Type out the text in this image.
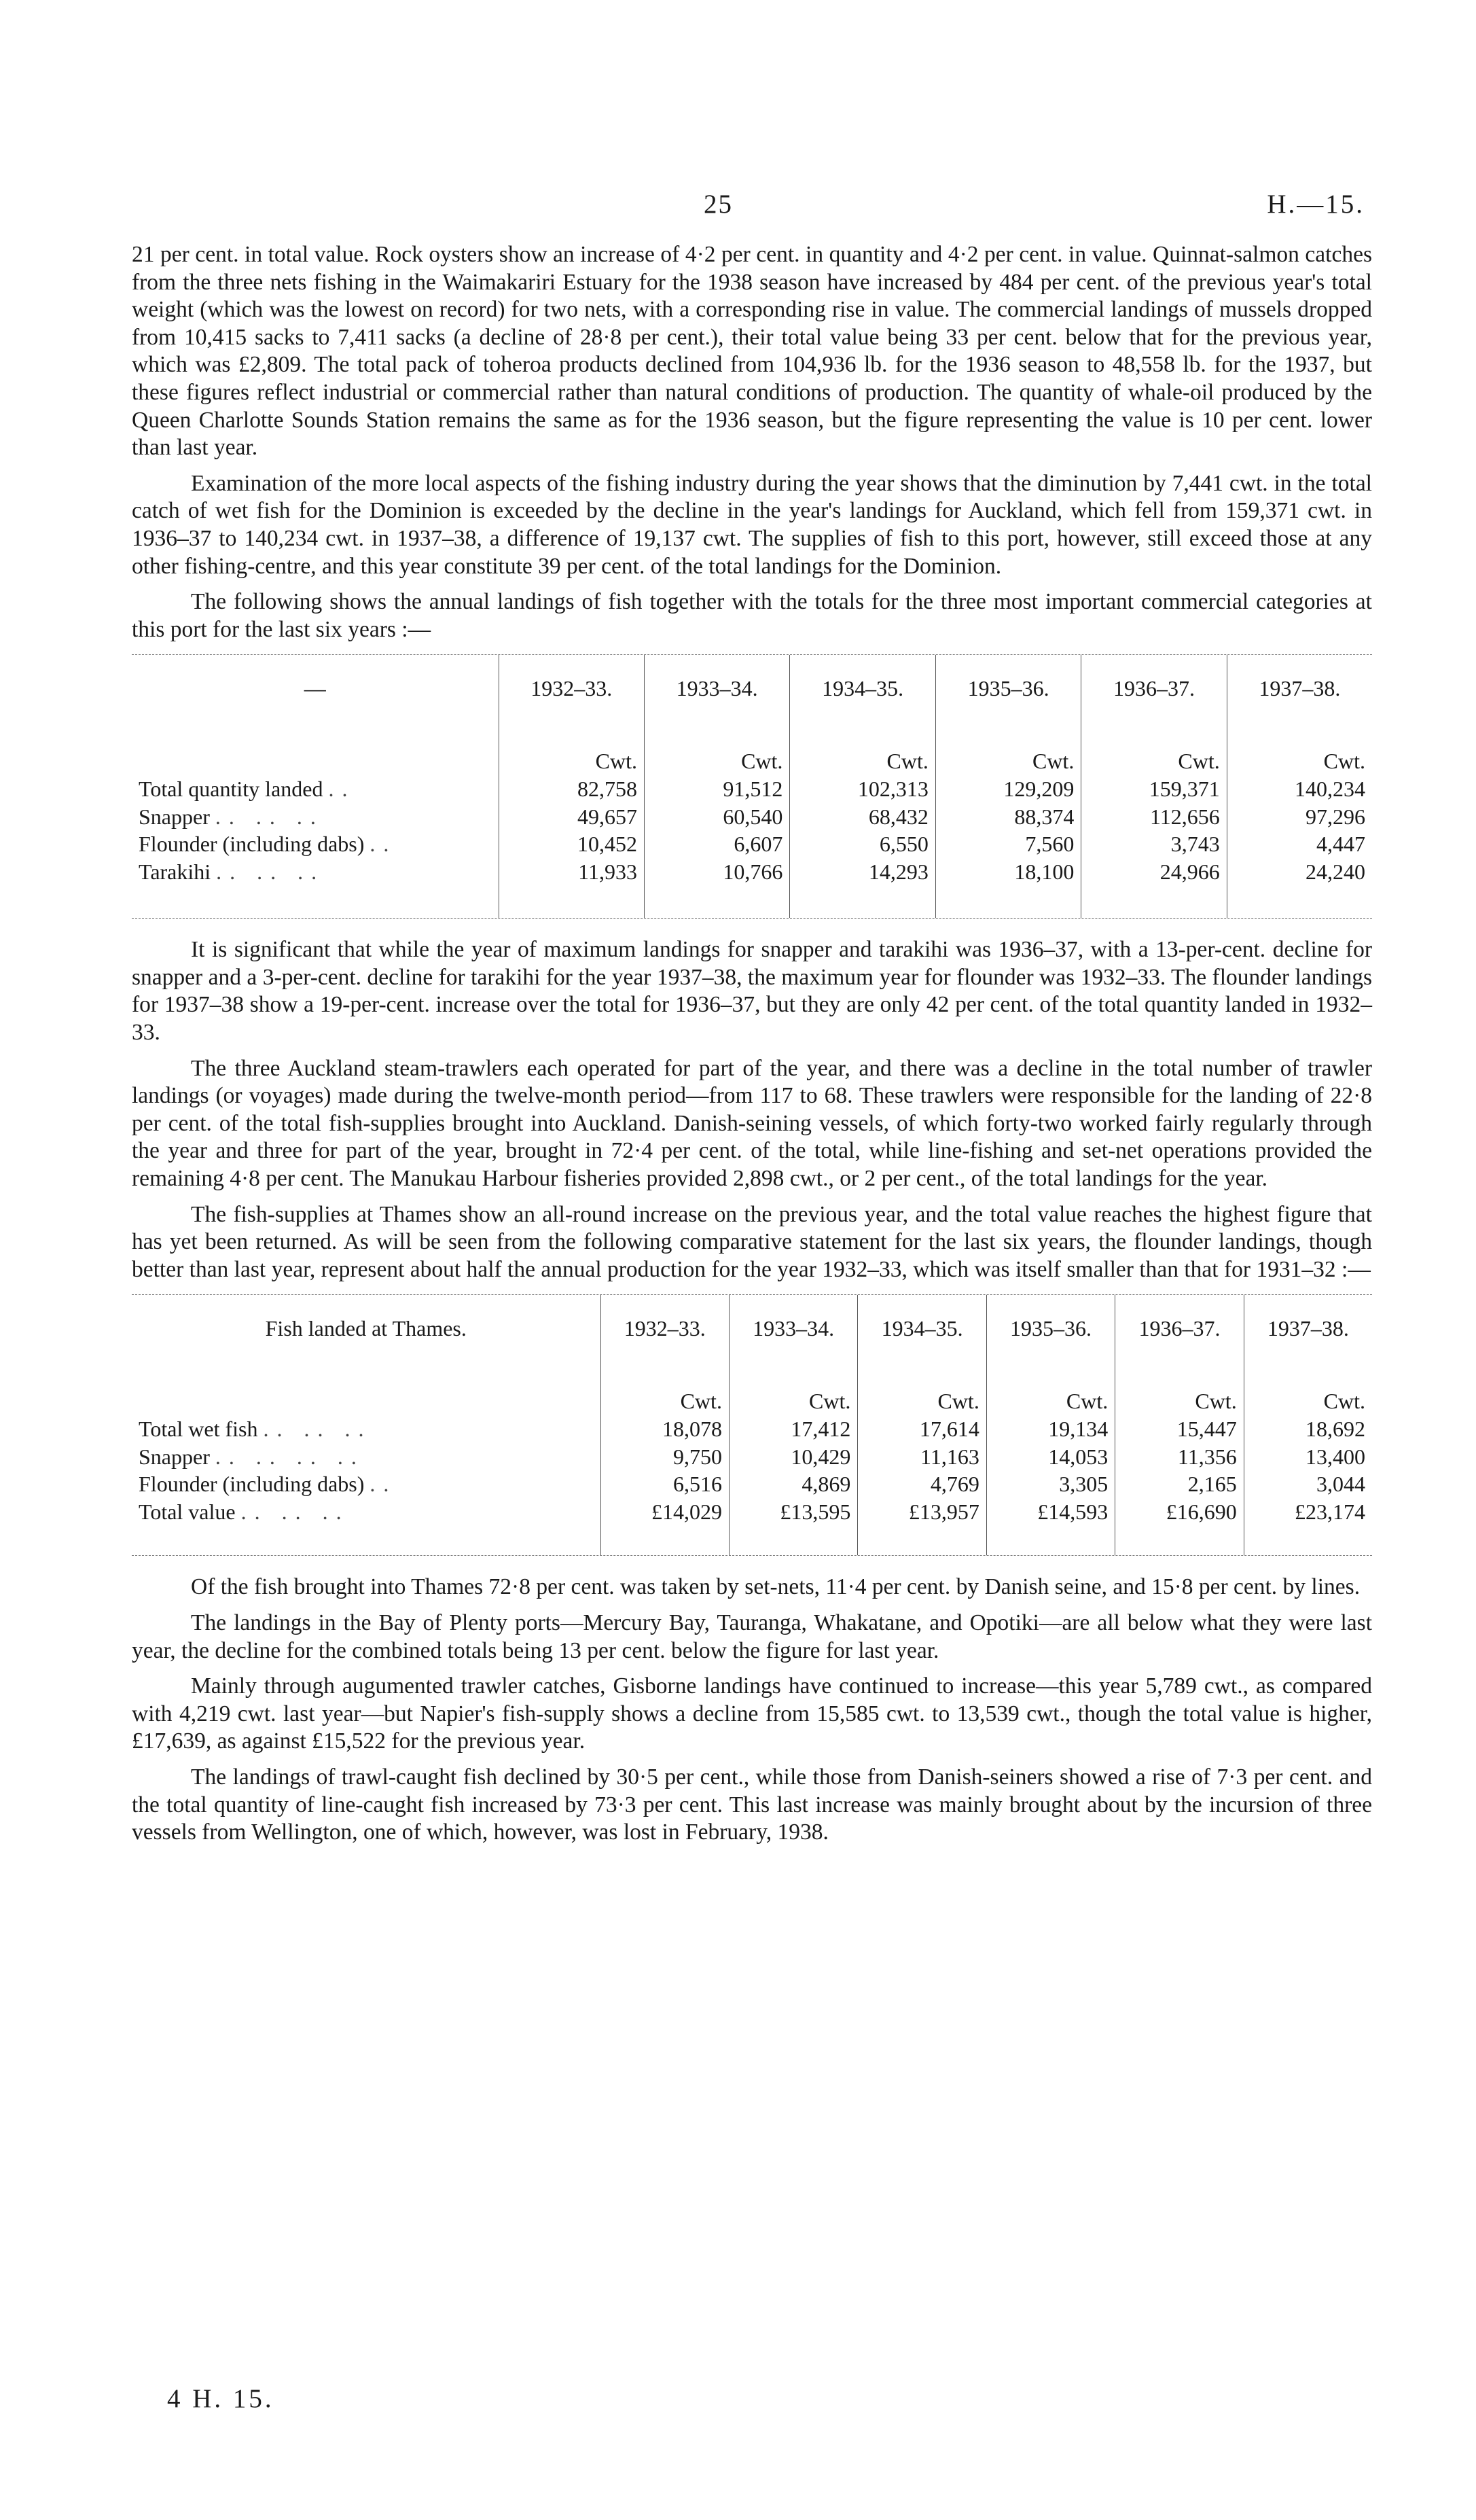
25	H.—15.

21 per cent. in total value. Rock oysters show an increase of 4·2 per cent. in quantity and 4·2 per cent. in value. Quinnat-salmon catches from the three nets fishing in the Waimakariri Estuary for the 1938 season have increased by 484 per cent. of the previous year's total weight (which was the lowest on record) for two nets, with a corresponding rise in value. The commercial landings of mussels dropped from 10,415 sacks to 7,411 sacks (a decline of 28·8 per cent.), their total value being 33 per cent. below that for the previous year, which was £2,809. The total pack of toheroa products declined from 104,936 lb. for the 1936 season to 48,558 lb. for the 1937, but these figures reflect industrial or commercial rather than natural conditions of production. The quantity of whale-oil produced by the Queen Charlotte Sounds Station remains the same as for the 1936 season, but the figure representing the value is 10 per cent. lower than last year.

Examination of the more local aspects of the fishing industry during the year shows that the diminution by 7,441 cwt. in the total catch of wet fish for the Dominion is exceeded by the decline in the year's landings for Auckland, which fell from 159,371 cwt. in 1936–37 to 140,234 cwt. in 1937–38, a difference of 19,137 cwt. The supplies of fish to this port, however, still exceed those at any other fishing-centre, and this year constitute 39 per cent. of the total landings for the Dominion.

The following shows the annual landings of fish together with the totals for the three most important commercial categories at this port for the last six years :—

—	1932–33.	1933–34.	1934–35.	1935–36.	1936–37.	1937–38.
	Cwt.	Cwt.	Cwt.	Cwt.	Cwt.	Cwt.
Total quantity landed ..	82,758	91,512	102,313	129,209	159,371	140,234
Snapper .. .. ..	49,657	60,540	68,432	88,374	112,656	97,296
Flounder (including dabs) ..	10,452	6,607	6,550	7,560	3,743	4,447
Tarakihi .. .. ..	11,933	10,766	14,293	18,100	24,966	24,240

It is significant that while the year of maximum landings for snapper and tarakihi was 1936–37, with a 13-per-cent. decline for snapper and a 3-per-cent. decline for tarakihi for the year 1937–38, the maximum year for flounder was 1932–33. The flounder landings for 1937–38 show a 19-per-cent. increase over the total for 1936–37, but they are only 42 per cent. of the total quantity landed in 1932–33.

The three Auckland steam-trawlers each operated for part of the year, and there was a decline in the total number of trawler landings (or voyages) made during the twelve-month period—from 117 to 68. These trawlers were responsible for the landing of 22·8 per cent. of the total fish-supplies brought into Auckland. Danish-seining vessels, of which forty-two worked fairly regularly through the year and three for part of the year, brought in 72·4 per cent. of the total, while line-fishing and set-net operations provided the remaining 4·8 per cent. The Manukau Harbour fisheries provided 2,898 cwt., or 2 per cent., of the total landings for the year.

The fish-supplies at Thames show an all-round increase on the previous year, and the total value reaches the highest figure that has yet been returned. As will be seen from the following comparative statement for the last six years, the flounder landings, though better than last year, represent about half the annual production for the year 1932–33, which was itself smaller than that for 1931–32 :—

Fish landed at Thames.	1932–33.	1933–34.	1934–35.	1935–36.	1936–37.	1937–38.
	Cwt.	Cwt.	Cwt.	Cwt.	Cwt.	Cwt.
Total wet fish .. .. ..	18,078	17,412	17,614	19,134	15,447	18,692
Snapper .. .. .. ..	9,750	10,429	11,163	14,053	11,356	13,400
Flounder (including dabs) ..	6,516	4,869	4,769	3,305	2,165	3,044
Total value .. .. ..	£14,029	£13,595	£13,957	£14,593	£16,690	£23,174

Of the fish brought into Thames 72·8 per cent. was taken by set-nets, 11·4 per cent. by Danish seine, and 15·8 per cent. by lines.

The landings in the Bay of Plenty ports—Mercury Bay, Tauranga, Whakatane, and Opotiki—are all below what they were last year, the decline for the combined totals being 13 per cent. below the figure for last year.

Mainly through augumented trawler catches, Gisborne landings have continued to increase—this year 5,789 cwt., as compared with 4,219 cwt. last year—but Napier's fish-supply shows a decline from 15,585 cwt. to 13,539 cwt., though the total value is higher, £17,639, as against £15,522 for the previous year.

The landings of trawl-caught fish declined by 30·5 per cent., while those from Danish-seiners showed a rise of 7·3 per cent. and the total quantity of line-caught fish increased by 73·3 per cent. This last increase was mainly brought about by the incursion of three vessels from Wellington, one of which, however, was lost in February, 1938.

4 H. 15.
